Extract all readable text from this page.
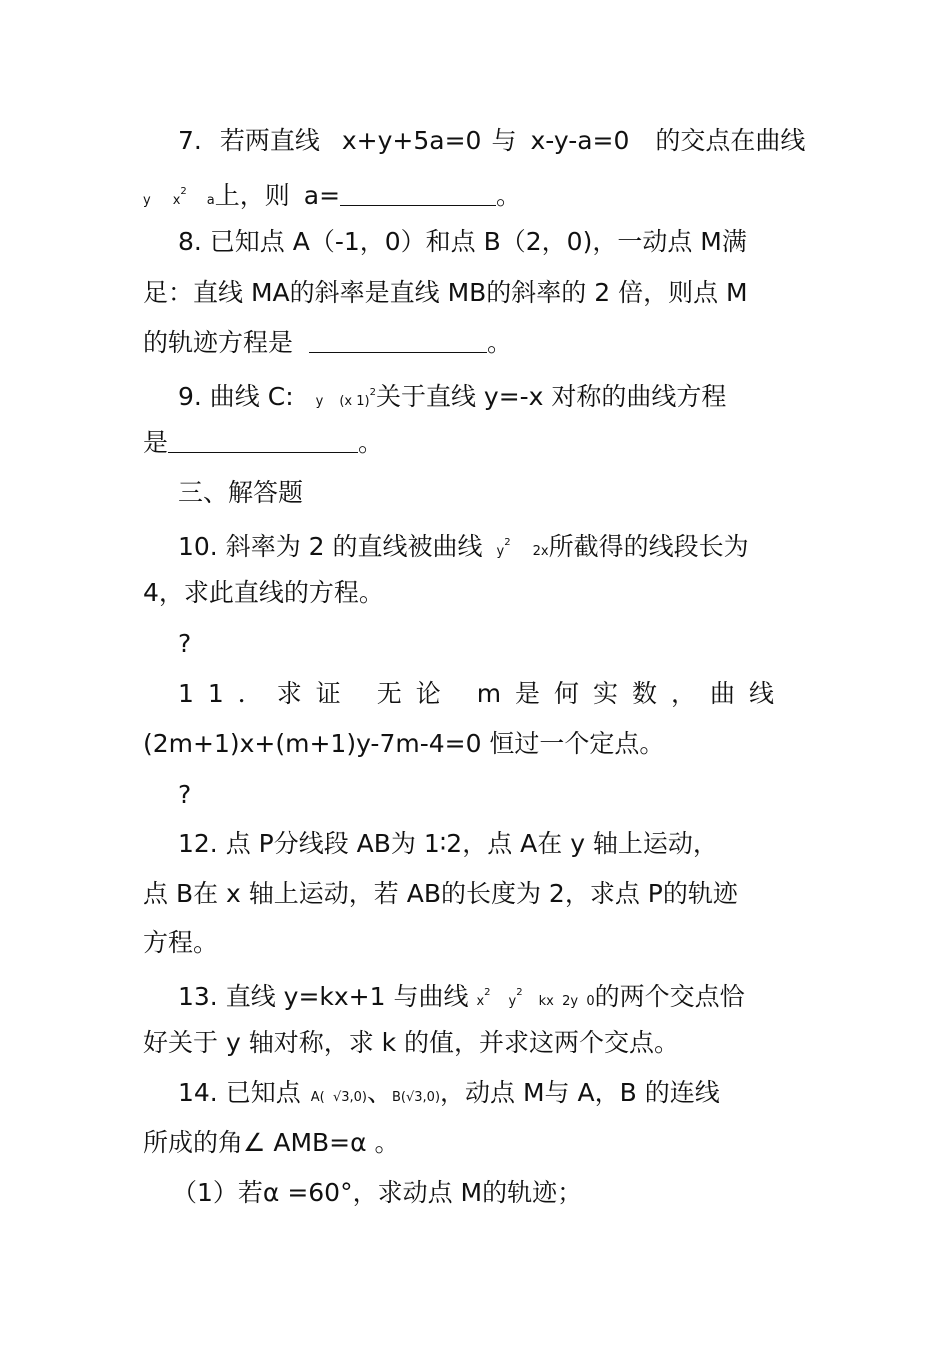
7. 若两直线 x+y+5a=0 与 x-y-a=0 的交点在曲线
y $x^2a$上，则 a=	。
8. 已知点 A（-1，0）和点 B（2，0)，一动点 M满
足：直线 MA的斜率是直线 MB的斜率的 2 倍，则点 M
的轨迹方程是	。
9. 曲线 C: y (x 1)$^2$关于直线 y=-x 对称的曲线方程
是	。
三、解答题
10. 斜率为 2 的直线被曲线 $y^22x$所截得的线段长为
4，求此直线的方程。
?
11．求证 无论 m是何实数，曲线
(2m+1)x+(m+1)y-7m-4=0 恒过一个定点。
?
12. 点 P分线段 AB为 1∶2，点 A在 y 轴上运动，
点 B在 x 轴上运动，若 AB的长度为 2，求点 P的轨迹
方程。
13. 直线 y=kx+1 与曲线 $x^2y^2kx$  2y  0的两个交点恰
好关于 y 轴对称，求 k 的值，并求这两个交点。
14. 已知点 A(  √3,0)、B(√3,0)，动点 M与 A，B 的连线
所成的角∠ AMB=α 。
（1）若α =60°，求动点 M的轨迹；
